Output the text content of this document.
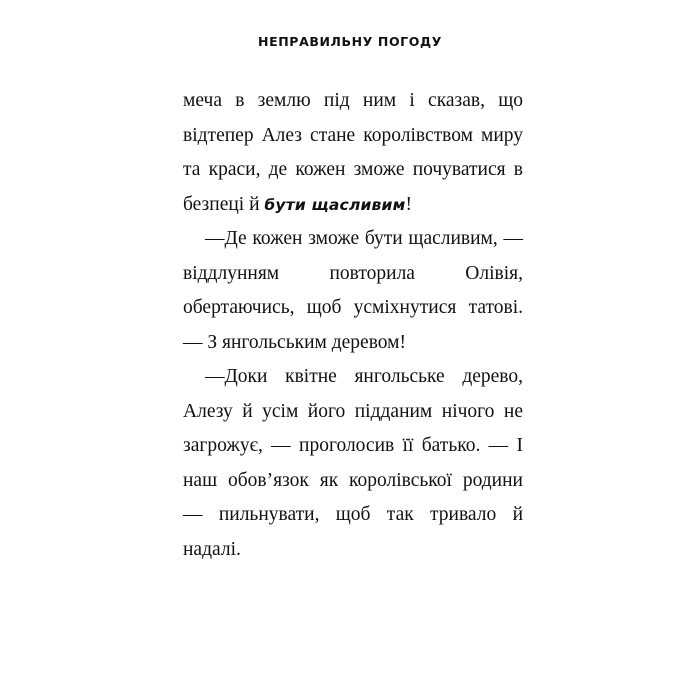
НЕПРАВИЛЬНУ ПОГОДУ

меча в землю під ним і сказав, що відтепер Алез стане королівством миру та краси, де кожен зможе почуватися в безпеці й бути щасливим!

—Де кожен зможе бути щасливим, — віддлунням повторила Олівія, обертаючись, щоб усміхнутися татові. — З янгольським деревом!

—Доки квітне янгольське дерево, Алезу й усім його підданим нічого не загрожує, — проголосив її батько. — І наш обов’язок як королівської родини — пильнувати, щоб так тривало й надалі.
